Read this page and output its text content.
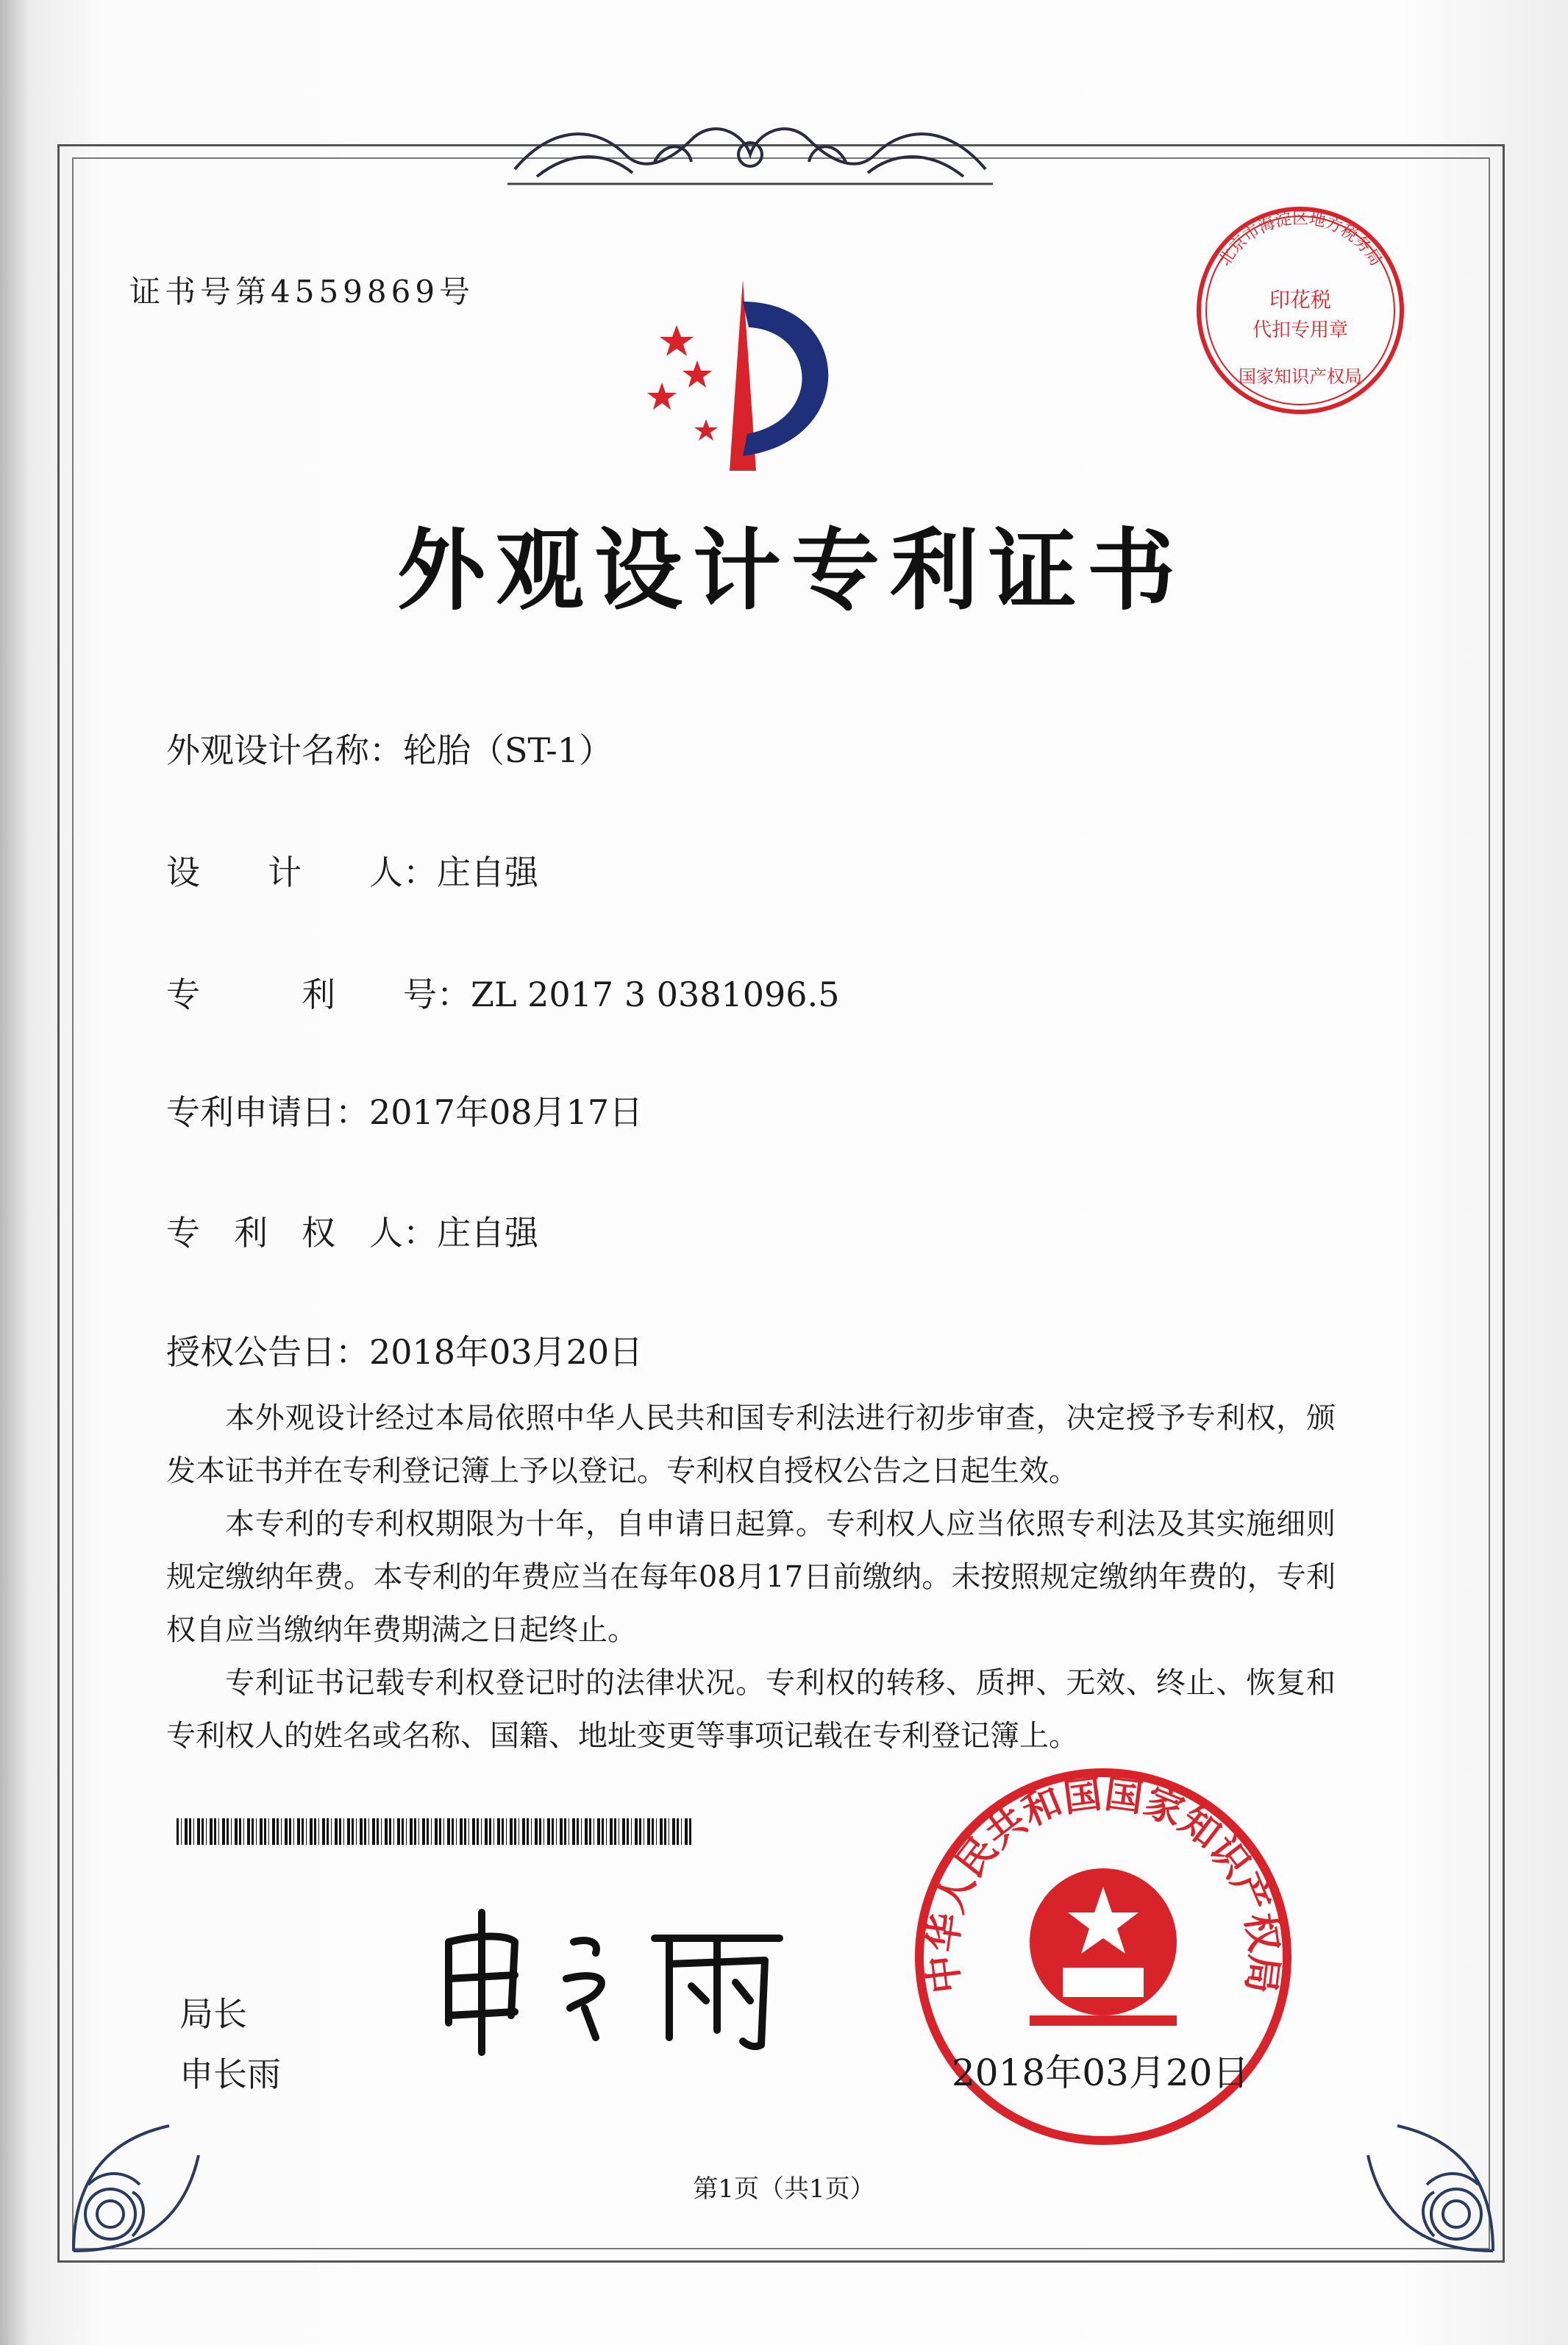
证书号第4559869号
北京市海淀区地方税务局
印花税
代扣专用章
国家知识产权局
外观设计专利证书
外观设计名称：轮胎（ST-1）
设　　计　　人：庄自强
专　　　利　　号：ZL 2017 3 0381096.5
专利申请日：2017年08月17日
专　利　权　人：庄自强
授权公告日：2018年03月20日

本外观设计经过本局依照中华人民共和国专利法进行初步审查，决定授予专利权，颁发本证书并在专利登记簿上予以登记。专利权自授权公告之日起生效。

本专利的专利权期限为十年，自申请日起算。专利权人应当依照专利法及其实施细则规定缴纳年费。本专利的年费应当在每年08月17日前缴纳。未按照规定缴纳年费的，专利权自应当缴纳年费期满之日起终止。

专利证书记载专利权登记时的法律状况。专利权的转移、质押、无效、终止、恢复和专利权人的姓名或名称、国籍、地址变更等事项记载在专利登记簿上。

局长
申长雨
中华人民共和国国家知识产权局
2018年03月20日
第1页（共1页）
